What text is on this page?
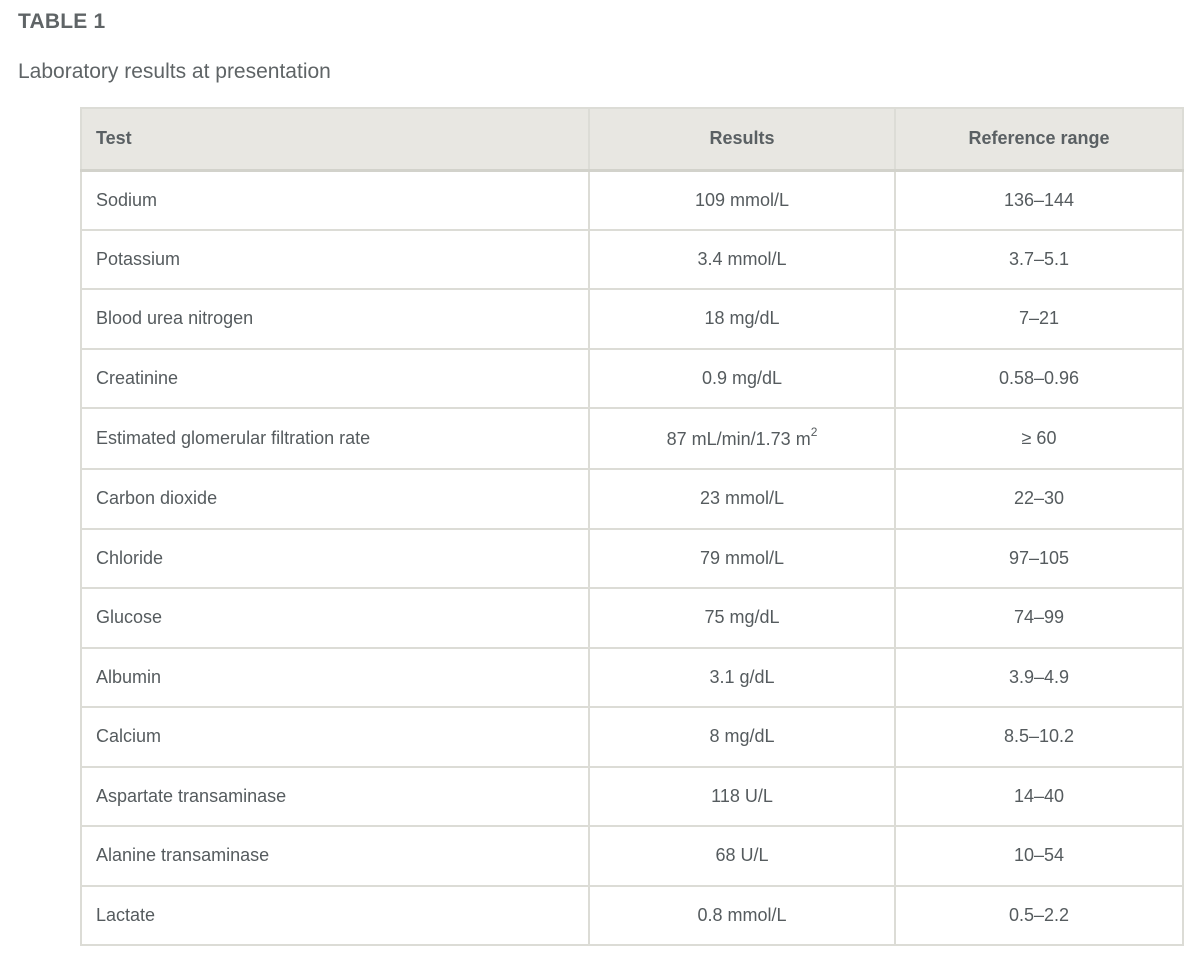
TABLE 1

Laboratory results at presentation

Test	Results	Reference range
Sodium	109 mmol/L	136–144
Potassium	3.4 mmol/L	3.7–5.1
Blood urea nitrogen	18 mg/dL	7–21
Creatinine	0.9 mg/dL	0.58–0.96
Estimated glomerular filtration rate	87 mL/min/1.73 $m^2$	≥ 60
Carbon dioxide	23 mmol/L	22–30
Chloride	79 mmol/L	97–105
Glucose	75 mg/dL	74–99
Albumin	3.1 g/dL	3.9–4.9
Calcium	8 mg/dL	8.5–10.2
Aspartate transaminase	118 U/L	14–40
Alanine transaminase	68 U/L	10–54
Lactate	0.8 mmol/L	0.5–2.2
